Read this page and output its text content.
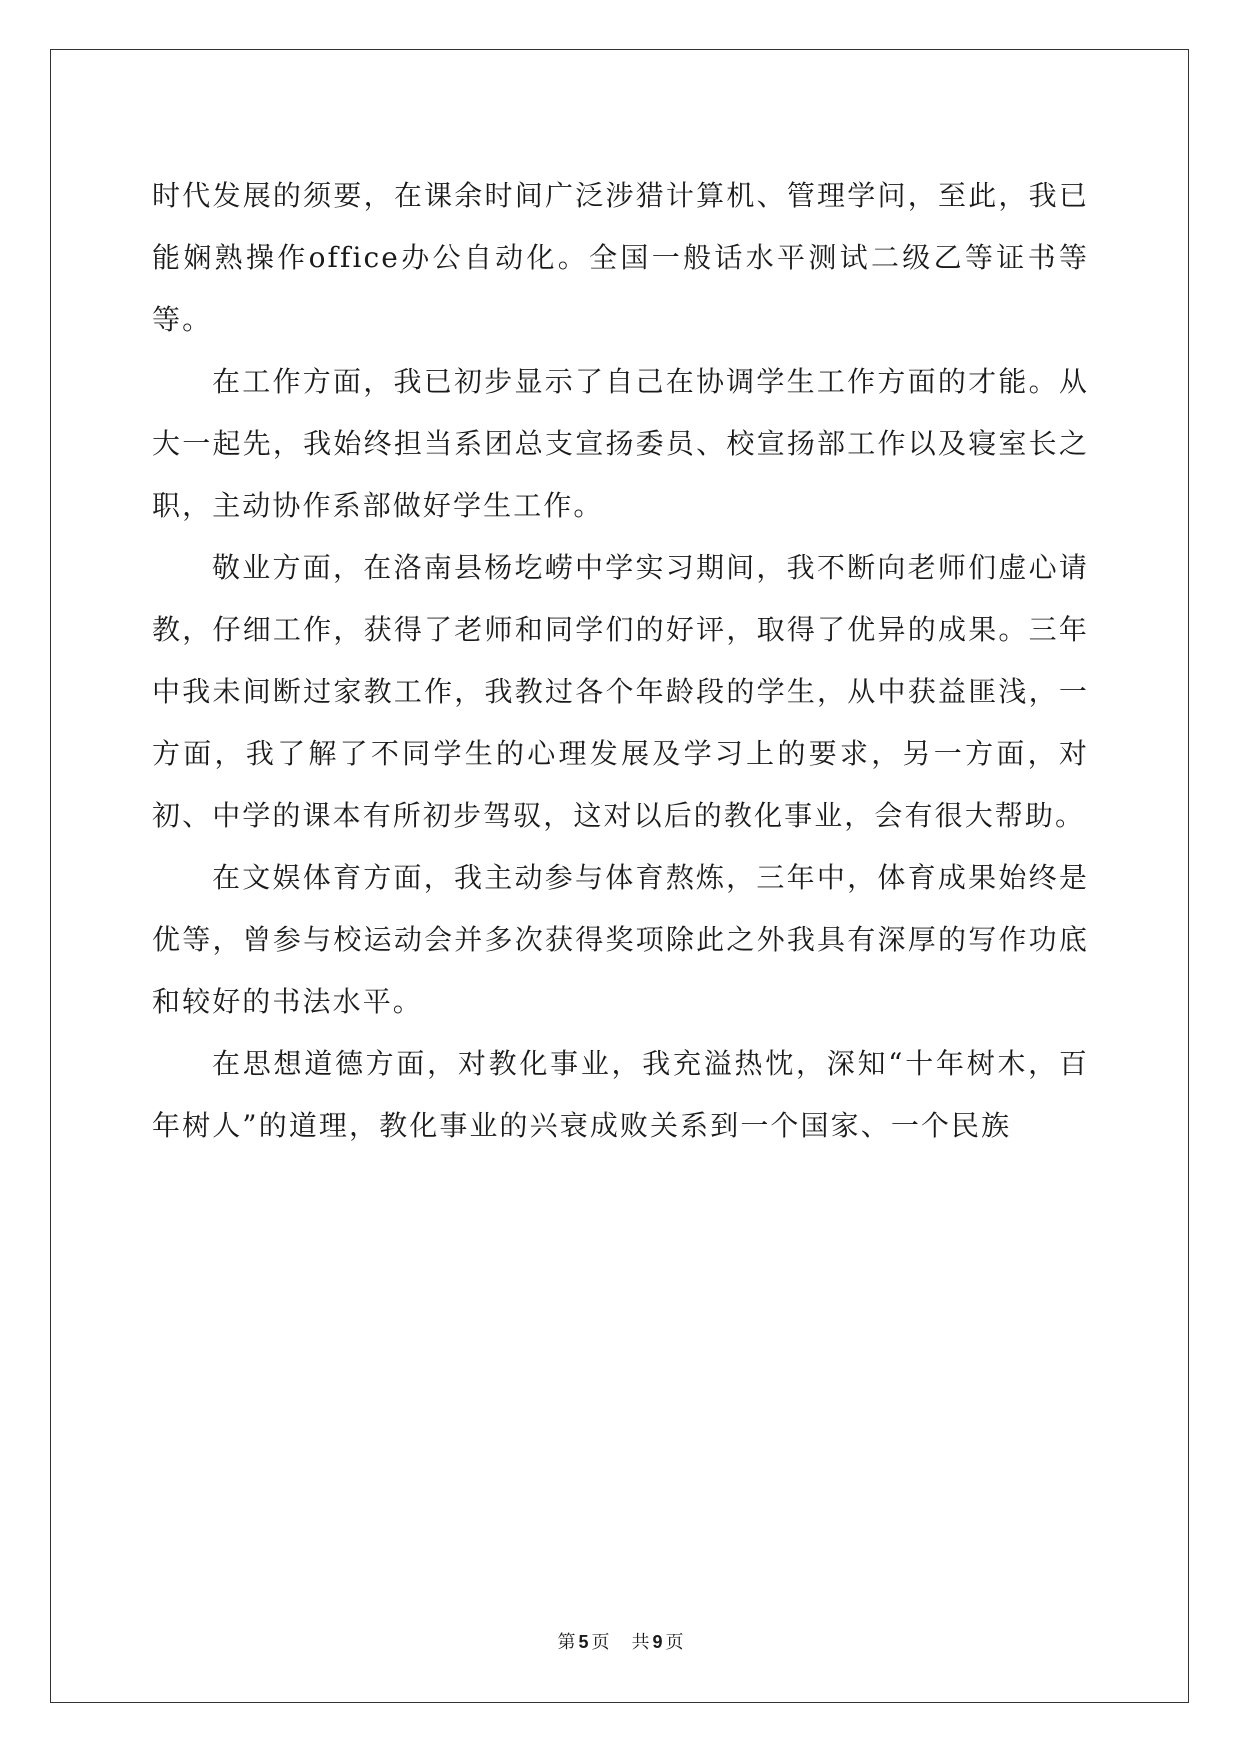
时代发展的须要，在课余时间广泛涉猎计算机、管理学问，至此，我已能娴熟操作office办公自动化。全国一般话水平测试二级乙等证书等等。

在工作方面，我已初步显示了自己在协调学生工作方面的才能。从大一起先，我始终担当系团总支宣扬委员、校宣扬部工作以及寝室长之职，主动协作系部做好学生工作。

敬业方面，在洛南县杨圪崂中学实习期间，我不断向老师们虚心请教，仔细工作，获得了老师和同学们的好评，取得了优异的成果。三年中我未间断过家教工作，我教过各个年龄段的学生，从中获益匪浅，一方面，我了解了不同学生的心理发展及学习上的要求，另一方面，对初、中学的课本有所初步驾驭，这对以后的教化事业，会有很大帮助。

在文娱体育方面，我主动参与体育熬炼，三年中，体育成果始终是优等，曾参与校运动会并多次获得奖项除此之外我具有深厚的写作功底和较好的书法水平。

在思想道德方面，对教化事业，我充溢热忱，深知“十年树木，百年树人”的道理，教化事业的兴衰成败关系到一个国家、一个民族

第 5 页 共 9 页
